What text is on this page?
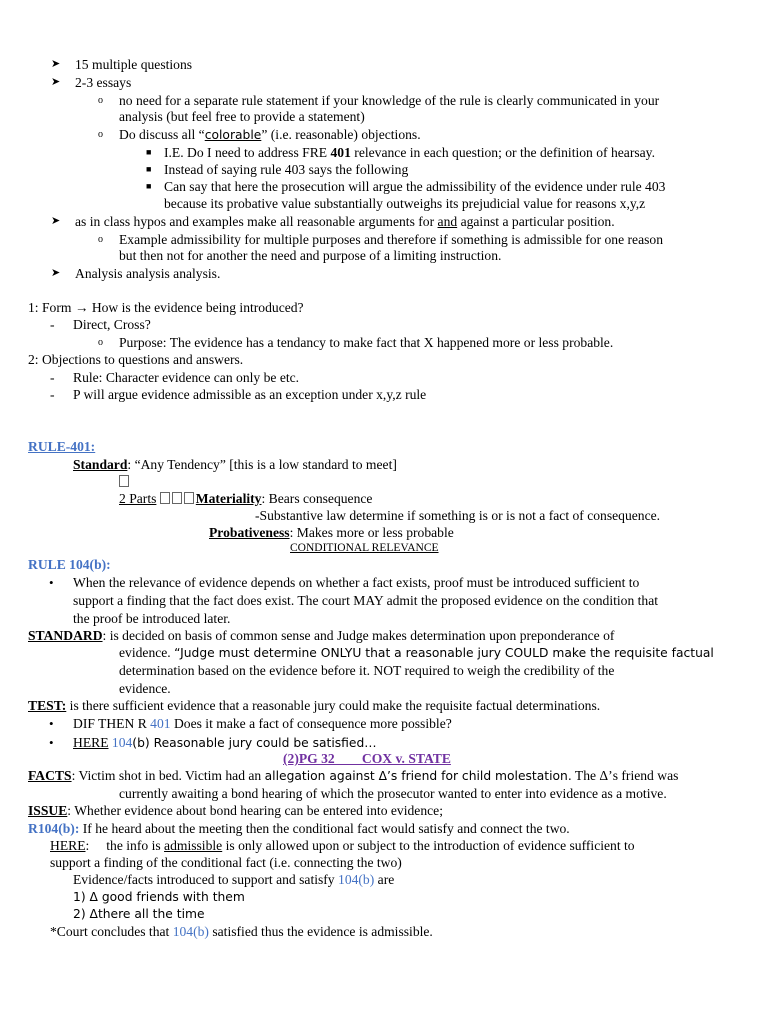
➤ 15 multiple questions
➤ 2-3 essays
o no need for a separate rule statement if your knowledge of the rule is clearly communicated in your
analysis (but feel free to provide a statement)
o Do discuss all “colorable” (i.e. reasonable) objections.
■ I.E. Do I need to address FRE 401 relevance in each question; or the definition of hearsay.
■ Instead of saying rule 403 says the following
■ Can say that here the prosecution will argue the admissibility of the evidence under rule 403
because its probative value substantially outweighs its prejudicial value for reasons x,y,z
➤ as in class hypos and examples make all reasonable arguments for and against a particular position.
o Example admissibility for multiple purposes and therefore if something is admissible for one reason
but then not for another the need and purpose of a limiting instruction.
➤ Analysis analysis analysis.
1: Form → How is the evidence being introduced?
- Direct, Cross?
o Purpose: The evidence has a tendancy to make fact that X happened more or less probable.
2: Objections to questions and answers.
- Rule: Character evidence can only be etc.
- P will argue evidence admissible as an exception under x,y,z rule
RULE-401:
Standard: “Any Tendency” [this is a low standard to meet]
2 Parts	Materiality: Bears consequence
-Substantive law determine if something is or is not a fact of consequence.
Probativeness: Makes more or less probable
CONDITIONAL RELEVANCE
RULE 104(b):
• When the relevance of evidence depends on whether a fact exists, proof must be introduced sufficient to
support a finding that the fact does exist. The court MAY admit the proposed evidence on the condition that
the proof be introduced later.
STANDARD: is decided on basis of common sense and Judge makes determination upon preponderance of
evidence. “Judge must determine ONLYU that a reasonable jury COULD make the requisite factual
determination based on the evidence before it. NOT required to weigh the credibility of the
evidence.
TEST: is there sufficient evidence that a reasonable jury could make the requisite factual determinations.
• DIF THEN R 401 Does it make a fact of consequence more possible?
• HERE 104(b) Reasonable jury could be satisfied…
(2)PG 32        COX v. STATE
FACTS: Victim shot in bed. Victim had an allegation against Δ’s friend for child molestation. The Δ’s friend was
currently awaiting a bond hearing of which the prosecutor wanted to enter into evidence as a motive.
ISSUE: Whether evidence about bond hearing can be entered into evidence;
R104(b): If he heard about the meeting then the conditional fact would satisfy and connect the two.
HERE:     the info is admissible is only allowed upon or subject to the introduction of evidence sufficient to
support a finding of the conditional fact (i.e. connecting the two)
Evidence/facts introduced to support and satisfy 104(b) are
1) Δ good friends with them
2) Δthere all the time
*Court concludes that 104(b) satisfied thus the evidence is admissible.
